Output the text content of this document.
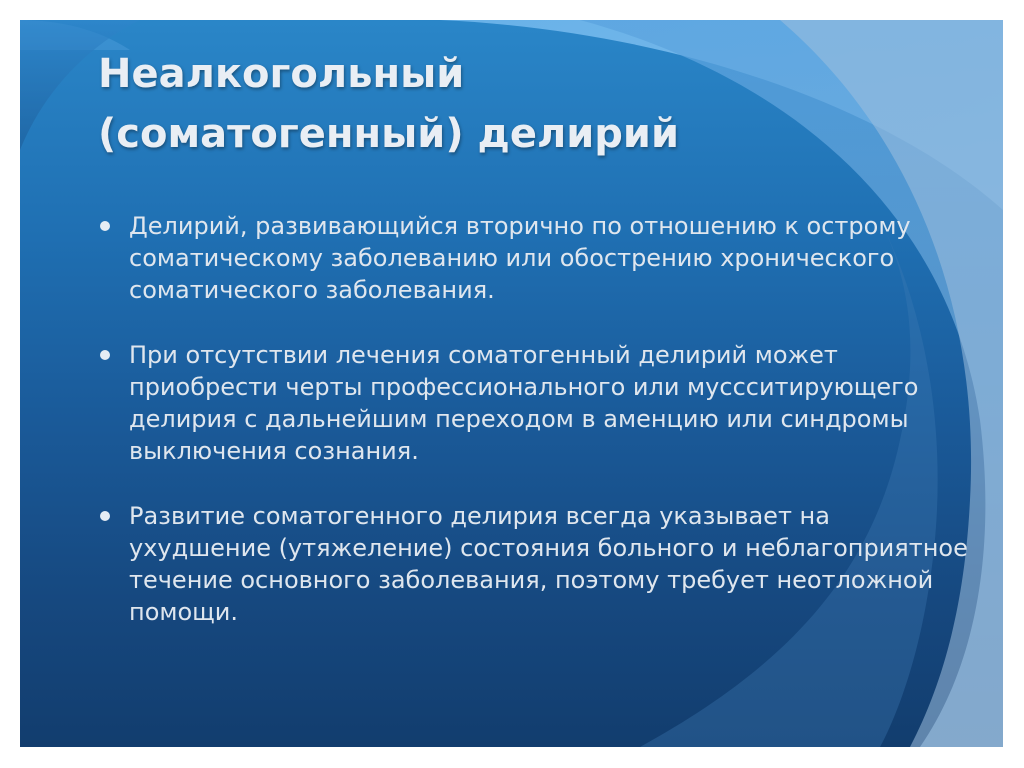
Неалкогольный
(соматогенный) делирий
Делирий, развивающийся вторично по отношению к острому соматическому заболеванию или обострению хронического соматического заболевания.
При отсутствии лечения соматогенный делирий может приобрести черты профессионального или муссситирующего делирия с дальнейшим переходом в аменцию или синдромы выключения сознания.
Развитие соматогенного делирия всегда указывает на ухудшение (утяжеление) состояния больного и неблагоприятное течение основного заболевания, поэтому требует неотложной помощи.
